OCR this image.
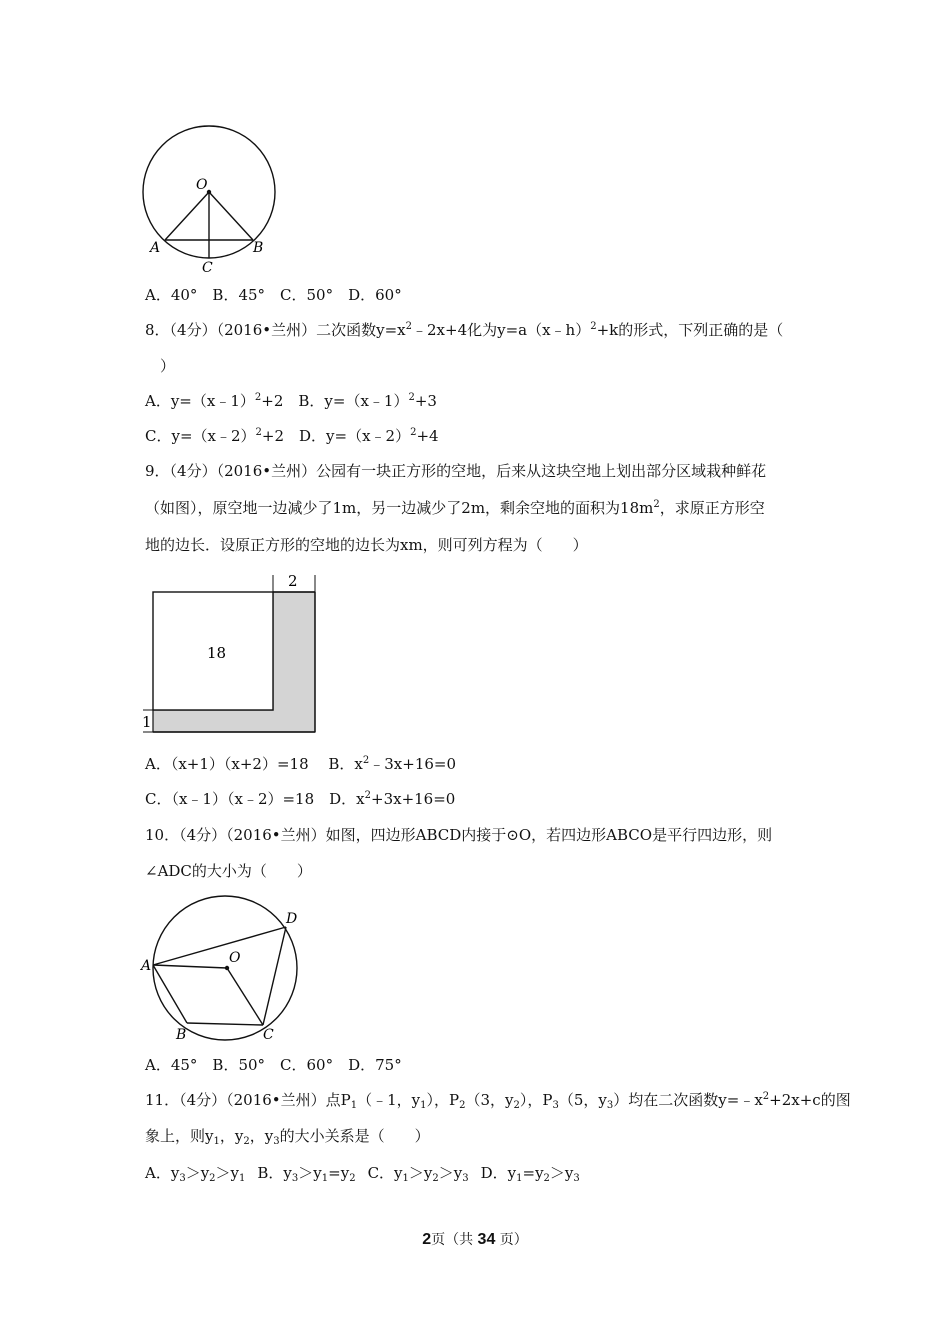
O
A	B
C
A．40°　B．45°　C．50°　D．60°
8．（4分）（2016•兰州）二次函数$y=x^2﹣2x+4$化为y=a（x﹣h）$^2$+k的形式，下列正确的是（
）
A．y=（x﹣1）$^2$+2　B．y=（x﹣1）$^2$+3
C．y=（x﹣2）$^2$+2　D．y=（x﹣2）$^2$+4
9．（4分）（2016•兰州）公园有一块正方形的空地，后来从这块空地上划出部分区域栽种鲜花
（如图），原空地一边减少了1m，另一边减少了2m，剩余空地的面积为$18m^2$，求原正方形空
地的边长．设原正方形的空地的边长为xm，则可列方程为（　　）
18
2
1
A．（x+1）（x+2）=18　 B．$x^2﹣3x+16=0$
C．（x﹣1）（x﹣2）=18　D．$x^2+3x+16=0$
10．（4分）（2016•兰州）如图，四边形ABCD内接于⊙O，若四边形ABCO是平行四边形，则
∠ADC的大小为（　　）
A
B	C
D
O
A．45°　B．50°　C．60°　D．75°
11．（4分）（2016•兰州）点$P_1(﹣1$，$y_1$），$P_2(3$，$y_2$），$P_3(5$，$y_3$）均在二次函数$y=﹣x^2+2x+c$的图
象上，则$y_1$，$y_2$，$y_3$的大小关系是（　　）
A．$y_3>y_2>y_1$ B．$y_3>y_1=y_2$ C．$y_1>y_2>y_3$ D．$y_1=y_2>y_3$
2页（共 34 页）
